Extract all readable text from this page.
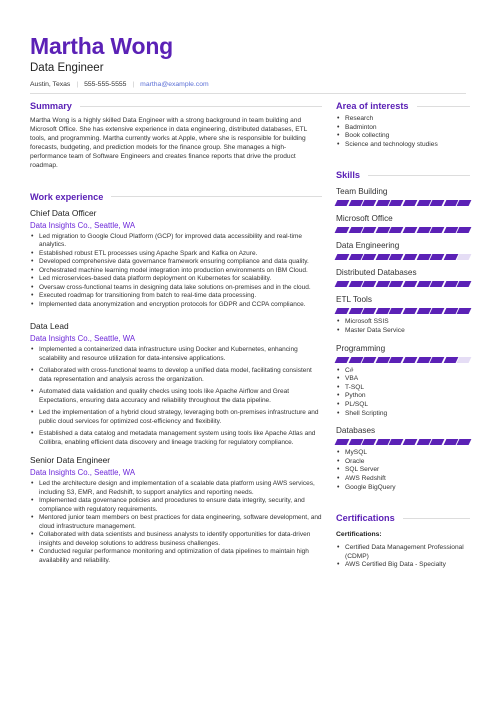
Martha Wong
Data Engineer
Austin, Texas | 555-555-5555 | martha@example.com
Summary

Martha Wong is a highly skilled Data Engineer with a strong background in team building and Microsoft Office. She has extensive experience in data engineering, distributed databases, ETL tools, and programming. Martha currently works at Apple, where she is responsible for building forecasts, budgeting, and prediction models for the finance group. She manages a high-performance team of Software Engineers and creates finance reports that drive the product roadmap.

Work experience
Chief Data Officer
Data Insights Co., Seattle, WA
• Led migration to Google Cloud Platform (GCP) for improved data accessibility and real-time analytics.
• Established robust ETL processes using Apache Spark and Kafka on Azure.
• Developed comprehensive data governance framework ensuring compliance and data quality.
• Orchestrated machine learning model integration into production environments on IBM Cloud.
• Led microservices-based data platform deployment on Kubernetes for scalability.
• Oversaw cross-functional teams in designing data lake solutions on-premises and in the cloud.
• Executed roadmap for transitioning from batch to real-time data processing.
• Implemented data anonymization and encryption protocols for GDPR and CCPA compliance.
Data Lead
Data Insights Co., Seattle, WA
• Implemented a containerized data infrastructure using Docker and Kubernetes, enhancing scalability and resource utilization for data-intensive applications.
• Collaborated with cross-functional teams to develop a unified data model, facilitating consistent data representation and analysis across the organization.
• Automated data validation and quality checks using tools like Apache Airflow and Great Expectations, ensuring data accuracy and reliability throughout the data pipeline.
• Led the implementation of a hybrid cloud strategy, leveraging both on-premises infrastructure and public cloud services for optimized cost-efficiency and flexibility.
• Established a data catalog and metadata management system using tools like Apache Atlas and Collibra, enabling efficient data discovery and lineage tracking for regulatory compliance.
Senior Data Engineer
Data Insights Co., Seattle, WA
• Led the architecture design and implementation of a scalable data platform using AWS services, including S3, EMR, and Redshift, to support analytics and reporting needs.
• Implemented data governance policies and procedures to ensure data integrity, security, and compliance with regulatory requirements.
• Mentored junior team members on best practices for data engineering, software development, and cloud infrastructure management.
• Collaborated with data scientists and business analysts to identify opportunities for data-driven insights and develop solutions to address business challenges.
• Conducted regular performance monitoring and optimization of data pipelines to maintain high availability and reliability.
Area of interests
• Research
• Badminton
• Book collecting
• Science and technology studies
Skills
Team Building
Microsoft Office
Data Engineering
Distributed Databases
ETL Tools
• Microsoft SSIS
• Master Data Service
Programming
• C#
• VBA
• T-SQL
• Python
• PL/SQL
• Shell Scripting
Databases
• MySQL
• Oracle
• SQL Server
• AWS Redshift
• Google BigQuery
Certifications
Certifications:
• Certified Data Management Professional (CDMP)
• AWS Certified Big Data - Specialty
